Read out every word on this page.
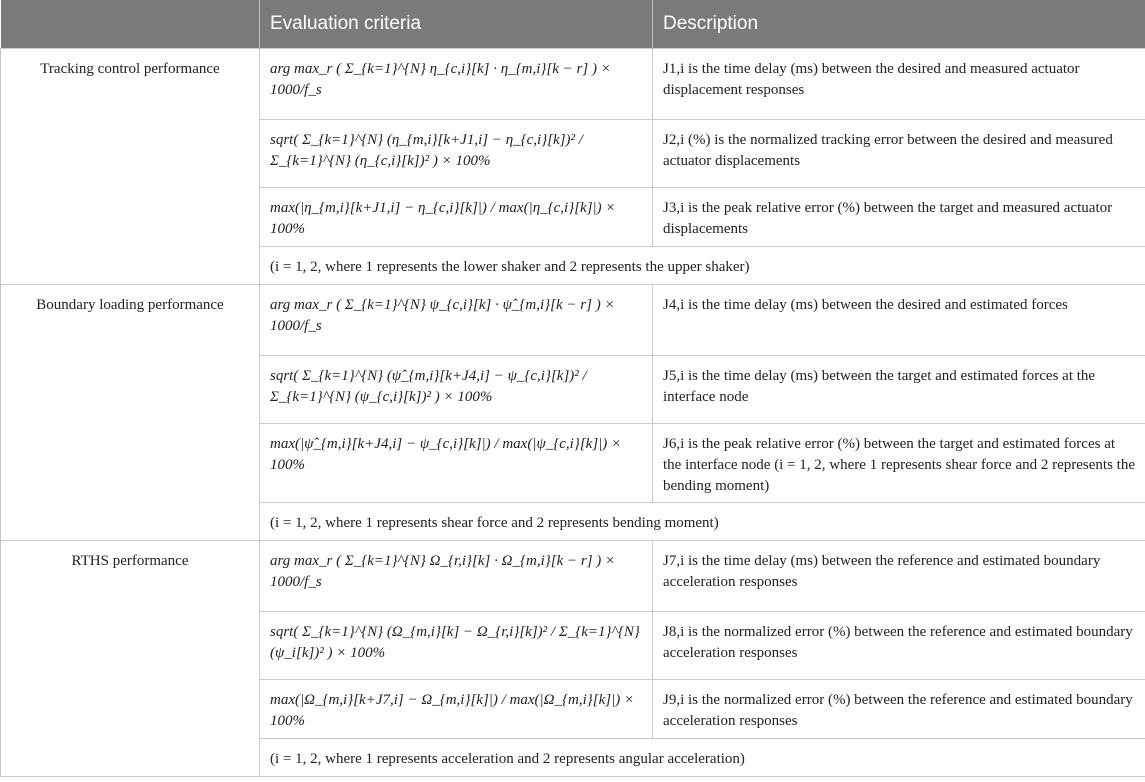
	Evaluation criteria	Description
Tracking control performance	arg max_r ( Σ_{k=1}^{N} η_{c,i}[k] · η_{m,i}[k − r] ) × 1000/f_s	J1,i is the time delay (ms) between the desired and measured actuator displacement responses

	sqrt( Σ_{k=1}^{N} (η_{m,i}[k+J1,i] − η_{c,i}[k])² / Σ_{k=1}^{N} (η_{c,i}[k])² ) × 100%	J2,i (%) is the normalized tracking error between the desired and measured actuator displacements

	max(|η_{m,i}[k+J1,i] − η_{c,i}[k]|) / max(|η_{c,i}[k]|) × 100%	J3,i is the peak relative error (%) between the target and measured actuator displacements
	(i = 1, 2, where 1 represents the lower shaker and 2 represents the upper shaker)	
Boundary loading performance	arg max_r ( Σ_{k=1}^{N} ψ_{c,i}[k] · ψ̂_{m,i}[k − r] ) × 1000/f_s	J4,i is the time delay (ms) between the desired and estimated forces

	sqrt( Σ_{k=1}^{N} (ψ̂_{m,i}[k+J4,i] − ψ_{c,i}[k])² / Σ_{k=1}^{N} (ψ_{c,i}[k])² ) × 100%	J5,i is the time delay (ms) between the target and estimated forces at the interface node

	max(|ψ̂_{m,i}[k+J4,i] − ψ_{c,i}[k]|) / max(|ψ_{c,i}[k]|) × 100%	J6,i is the peak relative error (%) between the target and estimated forces at the interface node (i = 1, 2, where 1 represents shear force and 2 represents the bending moment)
	(i = 1, 2, where 1 represents shear force and 2 represents bending moment)	
RTHS performance	arg max_r ( Σ_{k=1}^{N} Ω_{r,i}[k] · Ω_{m,i}[k − r] ) × 1000/f_s	J7,i is the time delay (ms) between the reference and estimated boundary acceleration responses

	sqrt( Σ_{k=1}^{N} (Ω_{m,i}[k] − Ω_{r,i}[k])² / Σ_{k=1}^{N} (ψ_i[k])² ) × 100%	J8,i is the normalized error (%) between the reference and estimated boundary acceleration responses

	max(|Ω_{m,i}[k+J7,i] − Ω_{m,i}[k]|) / max(|Ω_{m,i}[k]|) × 100%	J9,i is the normalized error (%) between the reference and estimated boundary acceleration responses
	(i = 1, 2, where 1 represents acceleration and 2 represents angular acceleration)	
